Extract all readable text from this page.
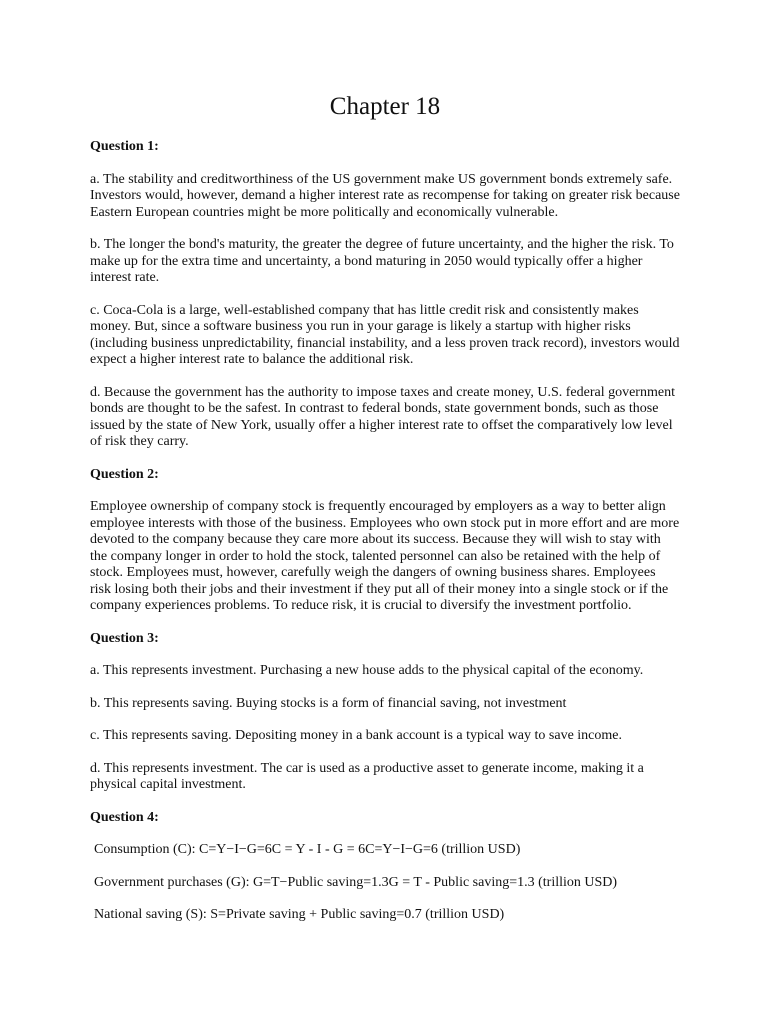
Chapter 18
Question 1:

a. The stability and creditworthiness of the US government make US government bonds extremely safe. Investors would, however, demand a higher interest rate as recompense for taking on greater risk because Eastern European countries might be more politically and economically vulnerable.

b. The longer the bond's maturity, the greater the degree of future uncertainty, and the higher the risk. To make up for the extra time and uncertainty, a bond maturing in 2050 would typically offer a higher interest rate.

c. Coca-Cola is a large, well-established company that has little credit risk and consistently makes money. But, since a software business you run in your garage is likely a startup with higher risks (including business unpredictability, financial instability, and a less proven track record), investors would expect a higher interest rate to balance the additional risk.

d. Because the government has the authority to impose taxes and create money, U.S. federal government bonds are thought to be the safest. In contrast to federal bonds, state government bonds, such as those issued by the state of New York, usually offer a higher interest rate to offset the comparatively low level of risk they carry.

Question 2:

Employee ownership of company stock is frequently encouraged by employers as a way to better align employee interests with those of the business. Employees who own stock put in more effort and are more devoted to the company because they care more about its success. Because they will wish to stay with the company longer in order to hold the stock, talented personnel can also be retained with the help of stock. Employees must, however, carefully weigh the dangers of owning business shares. Employees risk losing both their jobs and their investment if they put all of their money into a single stock or if the company experiences problems. To reduce risk, it is crucial to diversify the investment portfolio.

Question 3:

a. This represents investment. Purchasing a new house adds to the physical capital of the economy.

b. This represents saving. Buying stocks is a form of financial saving, not investment

c. This represents saving. Depositing money in a bank account is a typical way to save income.

d. This represents investment. The car is used as a productive asset to generate income, making it a physical capital investment.

Question 4:

Consumption (C): C=Y−I−G=6C = Y - I - G = 6C=Y−I−G=6 (trillion USD)

Government purchases (G): G=T−Public saving=1.3G = T - Public saving=1.3 (trillion USD)

National saving (S): S=Private saving + Public saving=0.7 (trillion USD)
